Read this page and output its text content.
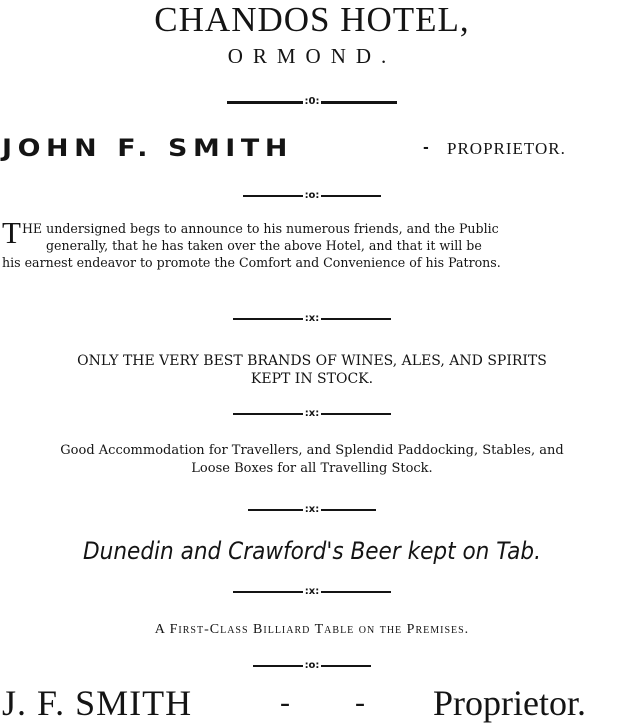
CHANDOS HOTEL,
ORMOND.
:0:
JOHN F. SMITH	- PROPRIETOR.
:o:
T HE undersigned begs to announce to his numerous friends, and the Public
generally, that he has taken over the above Hotel, and that it will be
his earnest endeavor to promote the Comfort and Convenience of his Patrons.
:x:
ONLY THE VERY BEST BRANDS OF WINES, ALES, AND SPIRITS
KEPT IN STOCK.
:x:
Good Accommodation for Travellers, and Splendid Paddocking, Stables, and
Loose Boxes for all Travelling Stock.
:x:
Dunedin and Crawford's Beer kept on Tab.
:x:
A First-Class Billiard Table on the Premises.
:o:
J. F. SMITH	- - Proprietor.
